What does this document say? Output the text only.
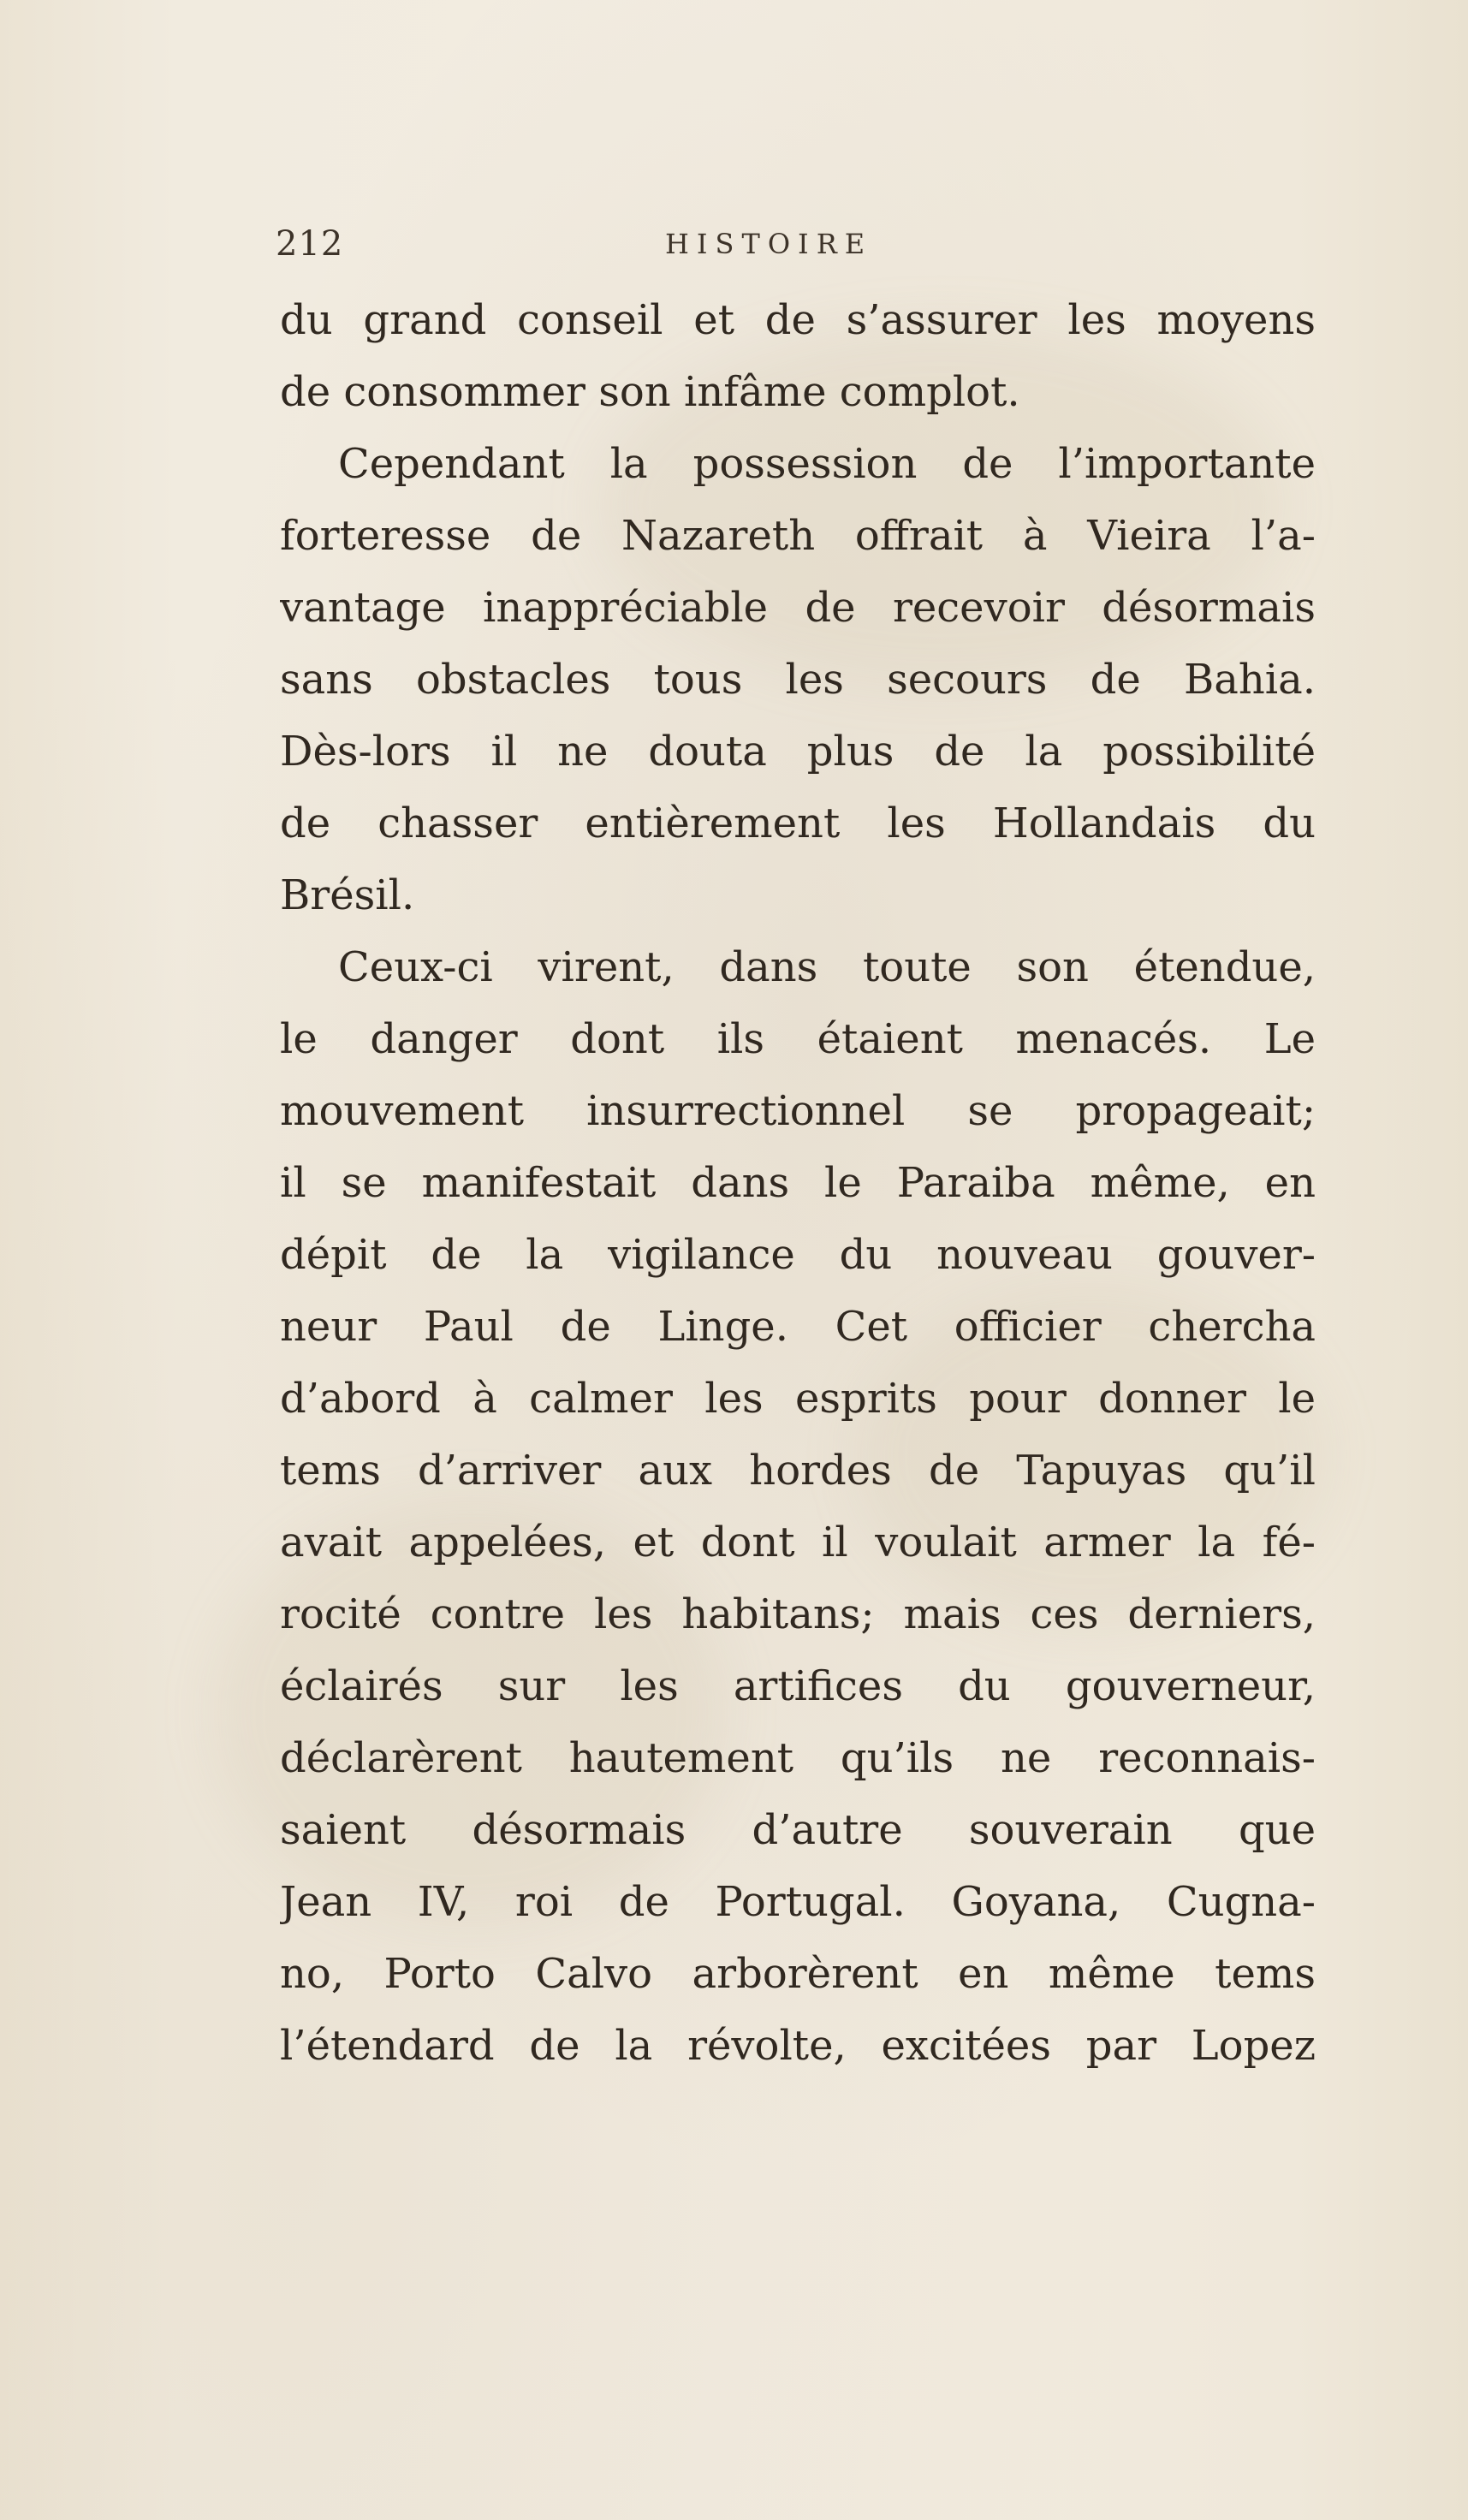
212	HISTOIRE
du grand conseil et de s’assurer les moyens
de consommer son infâme complot.
Cependant la possession de l’importante
forteresse de Nazareth offrait à Vieira l’a-
vantage inappréciable de recevoir désormais
sans obstacles tous les secours de Bahia.
Dès-lors il ne douta plus de la possibilité
de chasser entièrement les Hollandais du
Brésil.
Ceux-ci virent, dans toute son étendue,
le danger dont ils étaient menacés. Le
mouvement insurrectionnel se propageait;
il se manifestait dans le Paraiba même, en
dépit de la vigilance du nouveau gouver-
neur Paul de Linge. Cet officier chercha
d’abord à calmer les esprits pour donner le
tems d’arriver aux hordes de Tapuyas qu’il
avait appelées, et dont il voulait armer la fé-
rocité contre les habitans; mais ces derniers,
éclairés sur les artifices du gouverneur,
déclarèrent hautement qu’ils ne reconnais-
saient désormais d’autre souverain que
Jean IV, roi de Portugal. Goyana, Cugna-
no, Porto Calvo arborèrent en même tems
l’étendard de la révolte, excitées par Lopez
